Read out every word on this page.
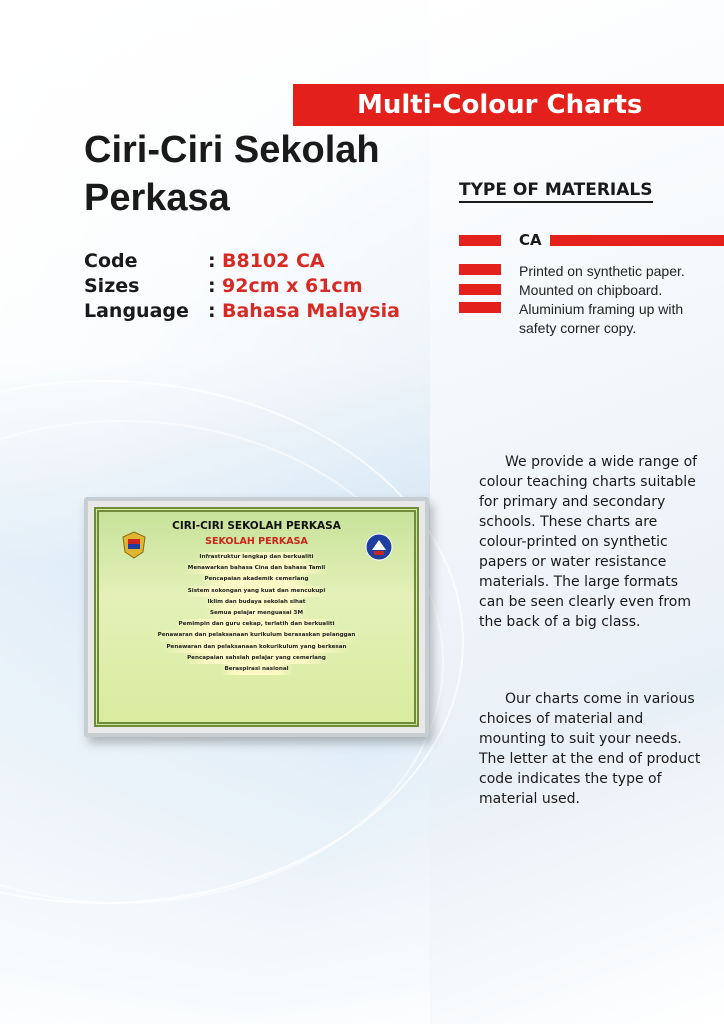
Multi-Colour Charts
Ciri-Ciri Sekolah
Perkasa
Code	: B8102 CA
Sizes	: 92cm x 61cm
Language : Bahasa Malaysia
TYPE OF MATERIALS
CA
Printed on synthetic paper.
Mounted on chipboard.
Aluminium framing up with
safety corner copy.

We provide a wide range of colour teaching charts suitable for primary and secondary schools. These charts are colour-printed on synthetic papers or water resistance materials. The large formats can be seen clearly even from the back of a big class.

Our charts come in various choices of material and mounting to suit your needs. The letter at the end of product code indicates the type of material used.

CIRI-CIRI SEKOLAH PERKASA
SEKOLAH PERKASA
Infrastruktur lengkap dan berkualiti
Menawarkan bahasa Cina dan bahasa Tamil
Pencapaian akademik cemerlang
Sistem sokongan yang kuat dan mencukupi
Iklim dan budaya sekolah sihat
Semua pelajar menguasai 3M
Pemimpin dan guru cekap, terlatih dan berkualiti
Penawaran dan pelaksanaan kurikulum berasaskan pelanggan
Penawaran dan pelaksanaan kokurikulum yang berkesan
Pencapaian sahsiah pelajar yang cemerlang
Beraspirasi nasional
